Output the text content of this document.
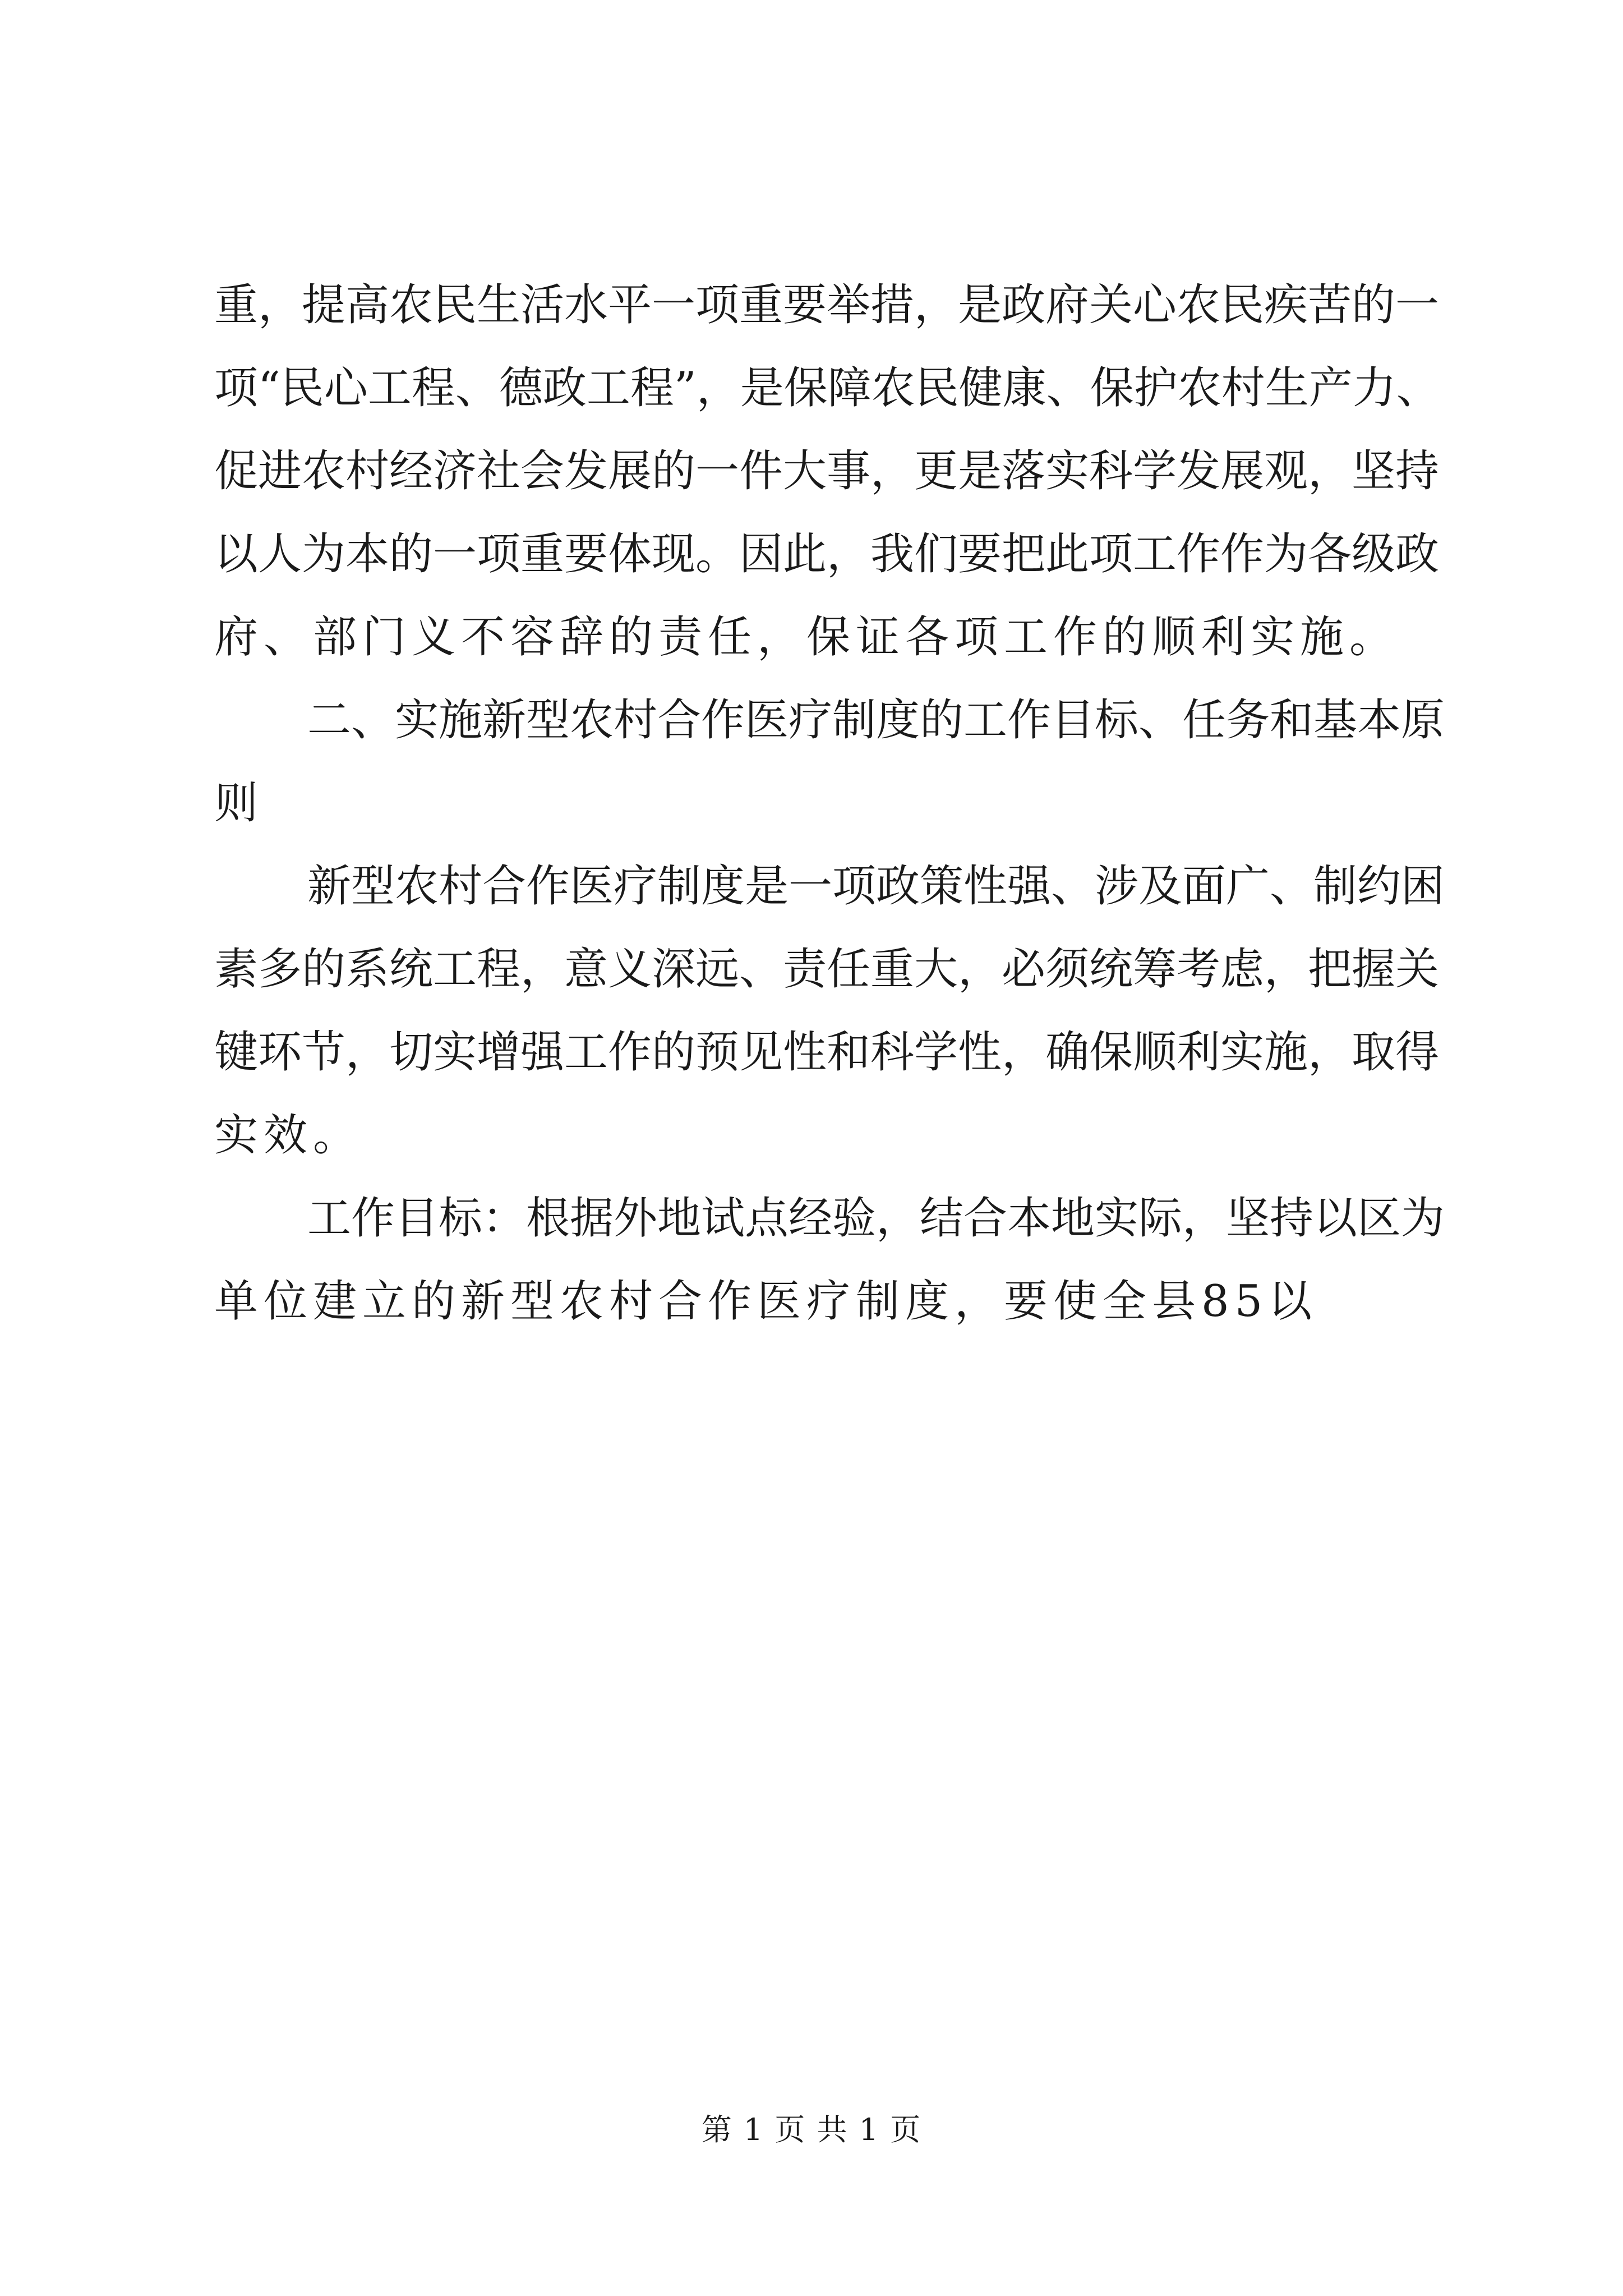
重，提高农民生活水平一项重要举措，是政府关心农民疾苦的一
项“民心工程、德政工程”，是保障农民健康、保护农村生产力、
促进农村经济社会发展的一件大事，更是落实科学发展观，坚持
以人为本的一项重要体现。因此，我们要把此项工作作为各级政
府、部门义不容辞的责任，保证各项工作的顺利实施。
二、实施新型农村合作医疗制度的工作目标、任务和基本原
则
新型农村合作医疗制度是一项政策性强、涉及面广、制约困
素多的系统工程，意义深远、责任重大，必须统筹考虑，把握关
键环节，切实增强工作的预见性和科学性，确保顺利实施，取得
实效。
工作目标：根据外地试点经验，结合本地实际，坚持以区为
单位建立的新型农村合作医疗制度，要使全县85以
第 1 页 共 1 页
